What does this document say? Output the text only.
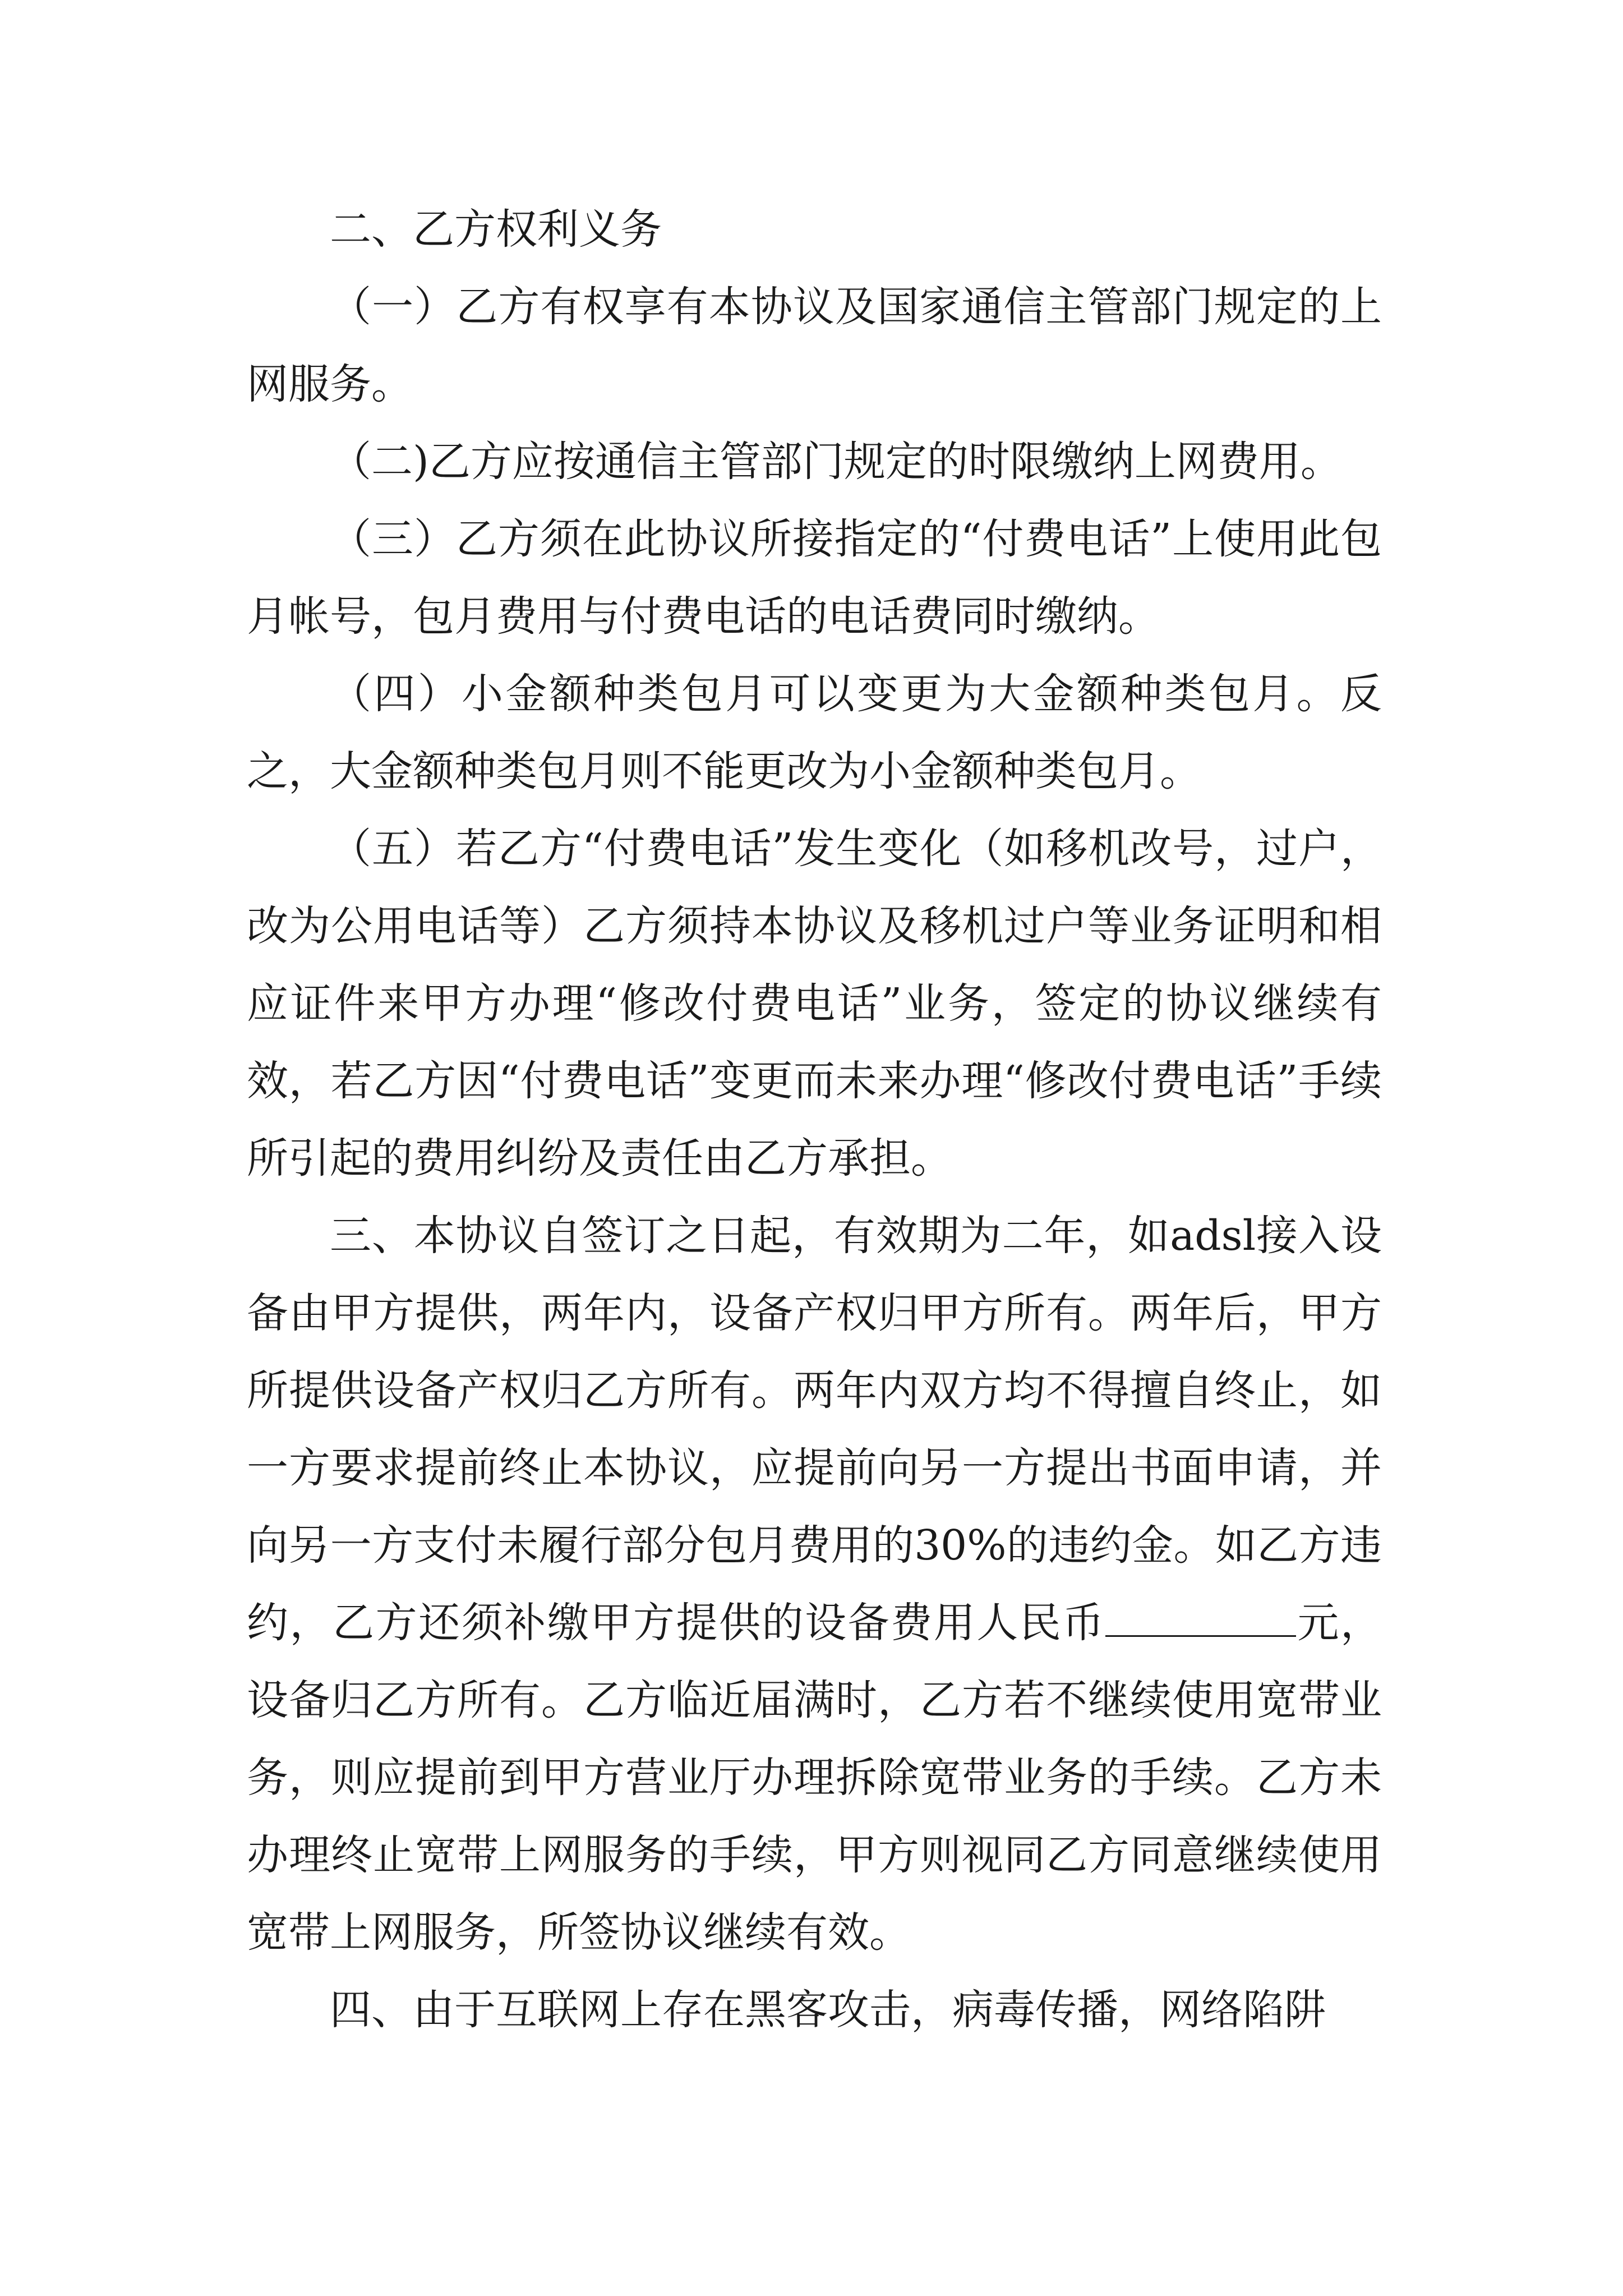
二、乙方权利义务

（一）乙方有权享有本协议及国家通信主管部门规定的上网服务。

（二)乙方应按通信主管部门规定的时限缴纳上网费用。

（三）乙方须在此协议所接指定的“付费电话”上使用此包月帐号，包月费用与付费电话的电话费同时缴纳。

（四）小金额种类包月可以变更为大金额种类包月。反之，大金额种类包月则不能更改为小金额种类包月。

（五）若乙方“付费电话”发生变化（如移机改号，过户，改为公用电话等）乙方须持本协议及移机过户等业务证明和相应证件来甲方办理“修改付费电话”业务，签定的协议继续有效，若乙方因“付费电话”变更而未来办理“修改付费电话”手续所引起的费用纠纷及责任由乙方承担。

三、本协议自签订之日起，有效期为二年，如adsl接入设备由甲方提供，两年内，设备产权归甲方所有。两年后，甲方所提供设备产权归乙方所有。两年内双方均不得擅自终止，如一方要求提前终止本协议，应提前向另一方提出书面申请，并向另一方支付未履行部分包月费用的30%的违约金。如乙方违约，乙方还须补缴甲方提供的设备费用人民币	元，设备归乙方所有。乙方临近届满时，乙方若不继续使用宽带业务，则应提前到甲方营业厅办理拆除宽带业务的手续。乙方未办理终止宽带上网服务的手续，甲方则视同乙方同意继续使用宽带上网服务，所签协议继续有效。

四、由于互联网上存在黑客攻击，病毒传播，网络陷阱
